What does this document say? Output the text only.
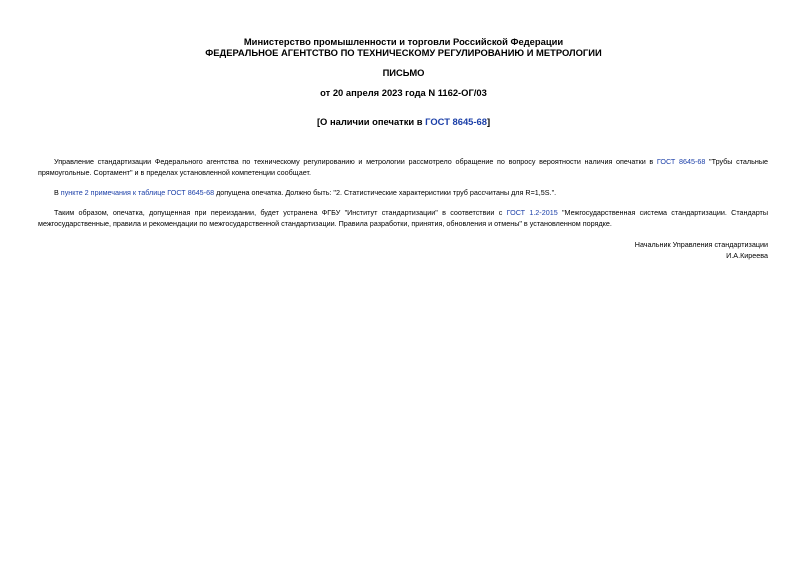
Министерство промышленности и торговли Российской Федерации
ФЕДЕРАЛЬНОЕ АГЕНТСТВО ПО ТЕХНИЧЕСКОМУ РЕГУЛИРОВАНИЮ И МЕТРОЛОГИИ
ПИСЬМО
от 20 апреля 2023 года N 1162-ОГ/03
[О наличии опечатки в ГОСТ 8645-68]
Управление стандартизации Федерального агентства по техническому регулированию и метрологии рассмотрело обращение по вопросу вероятности наличия опечатки в ГОСТ 8645-68 "Трубы стальные прямоугольные. Сортамент" и в пределах установленной компетенции сообщает.
В пункте 2 примечания к таблице ГОСТ 8645-68 допущена опечатка. Должно быть: "2. Статистические характеристики труб рассчитаны для R=1,5S.".
Таким образом, опечатка, допущенная при переиздании, будет устранена ФГБУ "Институт стандартизации" в соответствии с ГОСТ 1.2-2015 "Межгосударственная система стандартизации. Стандарты межгосударственные, правила и рекомендации по межгосударственной стандартизации. Правила разработки, принятия, обновления и отмены" в установленном порядке.
Начальник Управления стандартизации
И.А.Киреева
